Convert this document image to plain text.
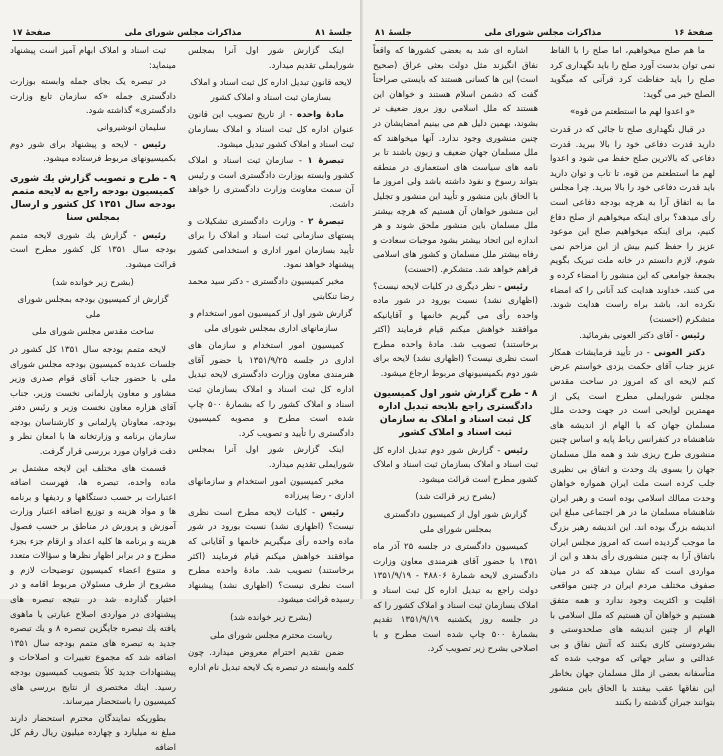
جلسهٔ ۸۱
مذاکرات مجلس شورای ملی
صفحهٔ ۱۷

اینک گزارش شور اول آنرا بمجلس شورایملی تقدیم میدارد.

لایحه قانون تبدیل اداره کل ثبت اسناد و املاک بسازمان ثبت اسناد و املاک کشور

مادهٔ واحده - از تاریخ تصویب این قانون عنوان اداره کل ثبت اسناد و املاک بسازمان ثبت اسناد و املاک کشور تبدیل میشود.

تبصرهٔ ۱ - سازمان ثبت اسناد و املاک کشور وابسته بوزارت دادگستری است و رئیس آن سمت معاونت وزارت دادگستری را خواهد داشت.

تبصرهٔ ۲ - وزارت دادگستری تشکیلات و پستهای سازمانی ثبت اسناد و املاک را برای تأیید بسازمان امور اداری و استخدامی کشور پیشنهاد خواهد نمود.

مخبر کمیسیون دادگستری - دکتر سید محمد رضا تنکابنی

گزارش شور اول از کمیسیون امور استخدام و سازمانهای اداری بمجلس شورای ملی

کمیسیون امور استخدام و سازمان های اداری در جلسه ۱۳۵۱/۹/۲۵ با حضور آقای هنرمندی معاون وزارت دادگستری لایحه تبدیل اداره کل ثبت اسناد و املاک بسازمان ثبت اسناد و املاک کشور را که بشمارهٔ ۵۰۰ چاپ شده است مطرح و مصوبه کمیسیون دادگستری را تأیید و تصویب کرد.

اینک گزارش شور اول آنرا بمجلس شورایملی تقدیم میدارد.

مخبر کمیسیون امور استخدام و سازمانهای اداری - رضا پیرزاده

رئیس - کلیات لایحه مطرح است نظری نیست؟ (اظهاری نشد) نسبت بورود در شور ماده واحده رأی میگیریم خانمها و آقایانی که موافقند خواهش میکنم قیام فرمایند (اکثر برخاستند) تصویب شد. مادهٔ واحده مطرح است نظری نیست؟ (اظهاری نشد) پیشنهاد رسیده قرائت میشود.

(بشرح زیر خوانده شد)

ریاست محترم مجلس شورای ملی

ضمن تقدیم احترام معروض میدارد. چون کلمه وابسته در تبصره یک لایحه تبدیل نام اداره

ثبت اسناد و املاک ابهام آمیز است پیشنهاد مینماید:

در تبصره یک بجای جمله وابسته بوزارت دادگستری جمله «که سازمان تابع وزارت دادگستری» گذاشته شود.

سلیمان انوشیروانی

رئیس - لایحه و پیشنهاد برای شور دوم بکمیسیونهای مربوط فرستاده میشود.

۹ - طرح و تصویب گزارش یك شوری کمیسیون بودجه راجع به لایحه متمم بودجه سال ۱۳۵۱ کل کشور و ارسال بمجلس سنا

رئیس - گزارش یك شوری لایحه متمم بودجه سال ۱۳۵۱ کل کشور مطرح است قرائت میشود.

(بشرح زیر خوانده شد)

گزارش از کمیسیون بودجه بمجلس شورای ملی

ساحت مقدس مجلس شورای ملی

لایحه متمم بودجه سال ۱۳۵۱ کل کشور در جلسات عدیده کمیسیون بودجه مجلس شورای ملی با حضور جناب آقای قوام صدری وزیر مشاور و معاون پارلمانی نخست وزیر، جناب آقای هزاره معاون نخست وزیر و رئیس دفتر بودجه، معاونان پارلمانی و کارشناسان بودجه سازمان برنامه و وزارتخانه ها با امعان نظر و دقت فراوان مورد بررسی قرار گرفت.

قسمت های مختلف این لایحه مشتمل بر ماده واحده، تبصره ها، فهرست اضافه اعتبارات بر حسب دستگاهها و ردیفها و برنامه ها و مواد هزینه و توزیع اضافه اعتبار وزارت آموزش و پرورش در مناطق بر حسب فصول هزینه و برنامه ها کلیه اعداد و ارقام جزء بجزء مطرح و در برابر اظهار نظرها و سؤالات متعدد و متنوع اعضاء کمیسیون توضیحات لازم و مشروح از طرف مسئولان مربوط اقامه و در اختیار گذارده شد در نتیجه تبصره های پیشنهادی در مواردی اصلاح عبارتی یا ماهوی یافته یك تبصره جایگزین تبصره ۸ و یك تبصره جدید به تبصره های متمم بودجه سال ۱۳۵۱ اضافه شد که مجموع تغییرات و اصلاحات و پیشنهادات جدید کلاً بتصویب کمیسیون بودجه رسید. اینك مختصری از نتایج بررسی های کمیسیون را باستحضار میرساند.

بطوریکه نمایندگان محترم استحضار دارند مبلغ نه میلیارد و چهارده میلیون ریال رقم کل اضافه

صفحهٔ ۱۶
مذاکرات مجلس شورای ملی
جلسهٔ ۸۱

ما هم صلح میخواهیم، اما صلح را با الفاظ نمی توان بدست آورد صلح را باید نگهداری کرد صلح را باید حفاظت کرد قرآنی که میگوید الصلح خیر می گوید:

«و اعدوا لهم ما استطعتم من قوه»

در قبال نگهداری صلح تا جائی که در قدرت دارید قدرت دفاعی خود را بالا ببرید. قدرت دفاعی که بالاترین صلح حفظ می شود و اعدوا لهم ما استطعتم من قوه، تا تاب و توان دارید باید قدرت دفاعی خود را بالا ببرید. چرا مجلس ما به اتفاق آرا به هرچه بودجه دفاعی است رأی میدهد؟ برای اینکه میخواهیم از صلح دفاع کنیم، برای اینکه میخواهیم صلح این موعود عزیز را حفظ کنیم بیش از این مزاحم نمی شوم، لازم دانستم در خانه ملت تبریک بگویم بجمعهٔ جوامعی که این منشور را امضاء کرده و می کنند، خداوند هدایت کند آنانی را که امضاء نکرده اند، باشد براه راست هدایت شوند. متشکرم (احسنت)

رئیس - آقای دکتر العونی بفرمائید.

دکتر العونی - در تأیید فرمایشات همکار عزیز جناب آقای حکمت یزدی خواستم عرض کنم لایحه ای که امروز در ساحت مقدس مجلس شورایملی مطرح است یکی از مهمترین لوایحی است در جهت وحدت ملل مسلمان جهان که با الهام از اندیشه های شاهنشاه در کنفرانس رباط پایه و اساس چنین منشوری طرح ریزی شد و همه ملل مسلمان جهان را بسوی یك وحدت و اتفاق بی نظیری جلب کرده است ملت ایران همواره خواهان وحدت ممالك اسلامی بوده است و رهبر ایران شاهنشاه مسلمان ما در هر اجتماعی مبلغ این اندیشه بزرگ بوده اند. این اندیشه رهبر بزرگ ما موجب گردیده است که امروز مجلس ایران باتفاق آرا به چنین منشوری رأی بدهد و این از مواردی است که نشان میدهد که در میان صفوف مختلف مردم ایران در چنین مواقعی اقلیت و اکثریت وجود ندارد و همه متفق هستیم و خواهان آن هستیم که ملل اسلامی با الهام از چنین اندیشه های صلحدوستی و بشردوستی کاری بکنند که آتش نفاق و بی عدالتی و سایر جهاتی که موجب شده که متأسفانه بعضی از ملل مسلمان جهان بخاطر این نفاقها عقب بیفتند با الحاق باین منشور بتوانند جبران گذشته را بکنند

اشاره ای شد به بعضی کشورها که واقعاً نفاق انگیزند مثل دولت بعثی عراق (صحیح است) این ها کسانی هستند که بایستی صراحتاً گفت که دشمن اسلام هستند و خواهان این هستند که ملل اسلامی روز بروز ضعیف تر بشوند، بهمین دلیل هم می بینیم امضایشان در چنین منشوری وجود ندارد. آنها میخواهند که ملل مسلمان جهان ضعیف و زبون باشند تا بر نامه های سیاست های استعماری در منطقه بتواند رسوخ و نفوذ داشته باشد ولی امروز ما با الحاق باین منشور و تأیید این منشور و تجلیل این منشور خواهان آن هستیم که هرچه بیشتر ملل مسلمان باین منشور ملحق شوند و هر اندازه این اتحاد بیشتر بشود موجبات سعادت و رفاه بیشتر ملل مسلمان و کشور های اسلامی فراهم خواهد شد. متشکرم. (احسنت)

رئیس - نظر دیگری در کلیات لایحه نیست؟ (اظهاری نشد) نسبت بورود در شور ماده واحده رأی می گیریم خانمها و آقایانیکه موافقند خواهش میکنم قیام فرمایند (اکثر برخاستند) تصویب شد. مادهٔ واحده مطرح است نظری نیست؟ (اظهاری نشد) لایحه برای شور دوم بکمیسیونهای مربوط ارجاع میشود.

۸ - طرح گزارش شور اول کمیسیون دادگستری راجع بلایحه تبدیل اداره کل ثبت اسناد و املاک به سازمان ثبت اسناد و املاک کشور

رئیس - گزارش شور دوم تبدیل اداره کل ثبت اسناد و املاک بسازمان ثبت اسناد و املاک کشور مطرح است قرائت میشود.

(بشرح زیر قرائت شد)

گزارش شور اول از کمیسیون دادگستری بمجلس شورای ملی

کمیسیون دادگستری در جلسه ۲۵ آذر ماه ۱۳۵۱ با حضور آقای هنرمندی معاون وزارت دادگستری لایحه شمارهٔ ۴۸۸۰۶ - ۱۳۵۱/۹/۱۹ دولت راجع به تبدیل اداره کل ثبت اسناد و املاک بسازمان ثبت اسناد و املاک کشور را که در جلسه روز یکشنبه ۱۳۵۱/۹/۱۹ تقدیم بشمارهٔ ۵۰۰ چاپ شده است مطرح و با اصلاحی بشرح زیر تصویب کرد.
